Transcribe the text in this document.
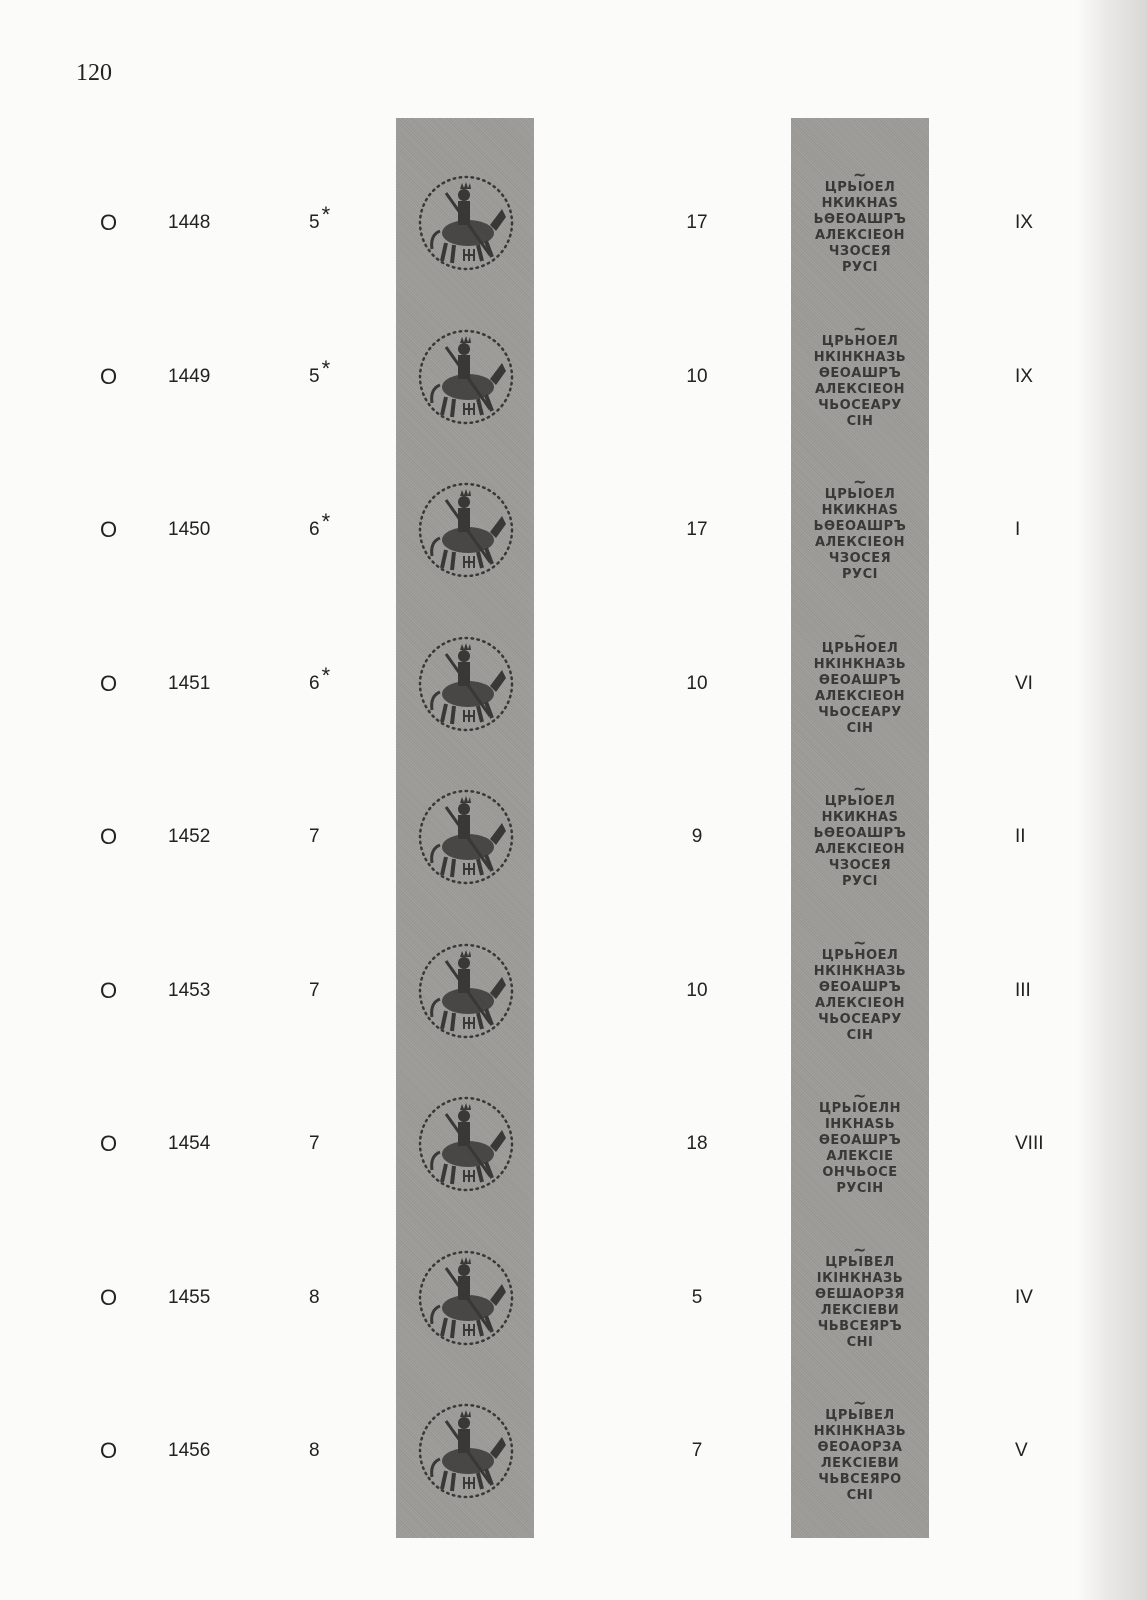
120
O	1448	5 *	17
~
ЦРЬІОЕЛ
НКИКНАЅ
ЬѲЕОАШРЪ
АЛЕКСІЕОН
ЧЗОСЕЯ
РУСІ
IX
O	1449	5 *	10
~
ЦРЬНОЕЛ
НКІНКНАЗЬ
ѲЕОАШРЪ
АЛЕКСІЕОН
ЧЬОСЕАРУ
СІН
IX
O	1450	6 *	17
~
ЦРЬІОЕЛ
НКИКНАЅ
ЬѲЕОАШРЪ
АЛЕКСІЕОН
ЧЗОСЕЯ
РУСІ
I
O	1451	6 *	10
~
ЦРЬНОЕЛ
НКІНКНАЗЬ
ѲЕОАШРЪ
АЛЕКСІЕОН
ЧЬОСЕАРУ
СІН
VI
O	1452	7	9
~
ЦРЬІОЕЛ
НКИКНАЅ
ЬѲЕОАШРЪ
АЛЕКСІЕОН
ЧЗОСЕЯ
РУСІ
II
O	1453	7	10
~
ЦРЬНОЕЛ
НКІНКНАЗЬ
ѲЕОАШРЪ
АЛЕКСІЕОН
ЧЬОСЕАРУ
СІН
III
O	1454	7	18
~
ЦРЬІОЕЛН
ІНКНАЅЬ
ѲЕОАШРЪ
АЛЕКСІЕ
ОНЧЬОСЕ
РУСІН
VIII
O	1455	8	5
~
ЦРЬІВЕЛ
ІКІНКНАЗЬ
ѲЕШАОРЗЯ
ЛЕКСІЕВИ
ЧЬВСЕЯРЪ
СНІ
IV
O	1456	8	7
~
ЦРЬІВЕЛ
НКІНКНАЗЬ
ѲЕОАОРЗА
ЛЕКСІЕВИ
ЧЬВСЕЯРО
СНІ
V
